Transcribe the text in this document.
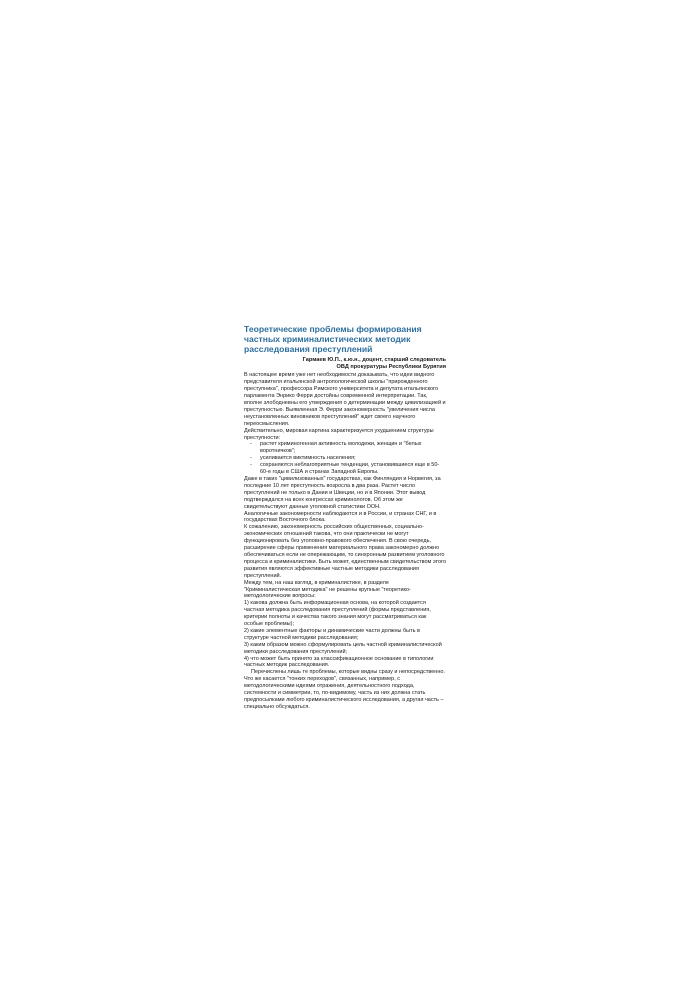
Теоретические проблемы формирования частных криминалистических методик расследования преступлений
Гармаев Ю.П., к.ю.н., доцент, старший следователь
ОВД прокуратуры Республики Бурятия

В настоящее время уже нет необходимости доказывать, что идеи видного представителя итальянской антропологической школы "прирожденного преступника", профессора Римского университета и депутата итальянского парламента Энрико Ферри достойны современной интерпретации. Так, вполне злободневны его утверждения о детерминации между цивилизацией и преступностью. Выявленная Э. Ферри закономерность "увеличения числа неустановленных виновников преступлений" ждет своего научного переосмысления.

Действительно, мировая картина характеризуется ухудшением структуры преступности:

- растет криминогенная активность молодежи, женщин и "белых воротничков";
- усиливается виктимность населения;
- сохраняются неблагоприятные тенденции, установившиеся еще в 50-60-е годы в США и странах Западной Европы.

Даже в таких "цивилизованных" государствах, как Финляндия и Норвегия, за последние 10 лет преступность возросла в два раза. Растет число преступлений не только в Дании и Швеции, но и в Японии. Этот вывод подтверждался на всех конгрессах криминологов. Об этом же свидетельствуют данные уголовной статистики ООН.

Аналогичные закономерности наблюдаются и в России, и странах СНГ, и в государствах Восточного блока.

К сожалению, закономерность российских общественных, социально-экономических отношений такова, что они практически не могут функционировать без уголовно-правового обеспечения. В свою очередь, расширение сферы применения материального права закономерно должно обеспечиваться если не опережающим, то синхронным развитием уголовного процесса и криминалистики. Быть может, единственным свидетельством этого развития являются эффективные частные методики расследования преступлений.

Между тем, на наш взгляд, в криминалистике, в разделе "Криминалистическая методика" не решены крупные "теоретико-методологические вопросы:

1) какова должна быть информационная основа, на которой создается частная методика расследования преступлений (формы представления, критерии полноты и качества такого знания могут рассматриваться как особые проблемы);

2) какие элементные факторы и динамические части должны быть в структуре частной методики расследования;

3) каким образом можно сформулировать цель частной криминалистической методики расследования преступлений;

4) что может быть принято за классификационное основание в типологии частных методик расследования.

Перечислены лишь те проблемы, которые видны сразу и непосредственно. Что же касается "тонких переходов", связанных, например, с методологическими идеями отражения, деятельностного подхода, системности и симметрии, то, по-видимому, часть из них должна стать предпосылками любого криминалистического исследования, а другая часть – специально обсуждаться.
